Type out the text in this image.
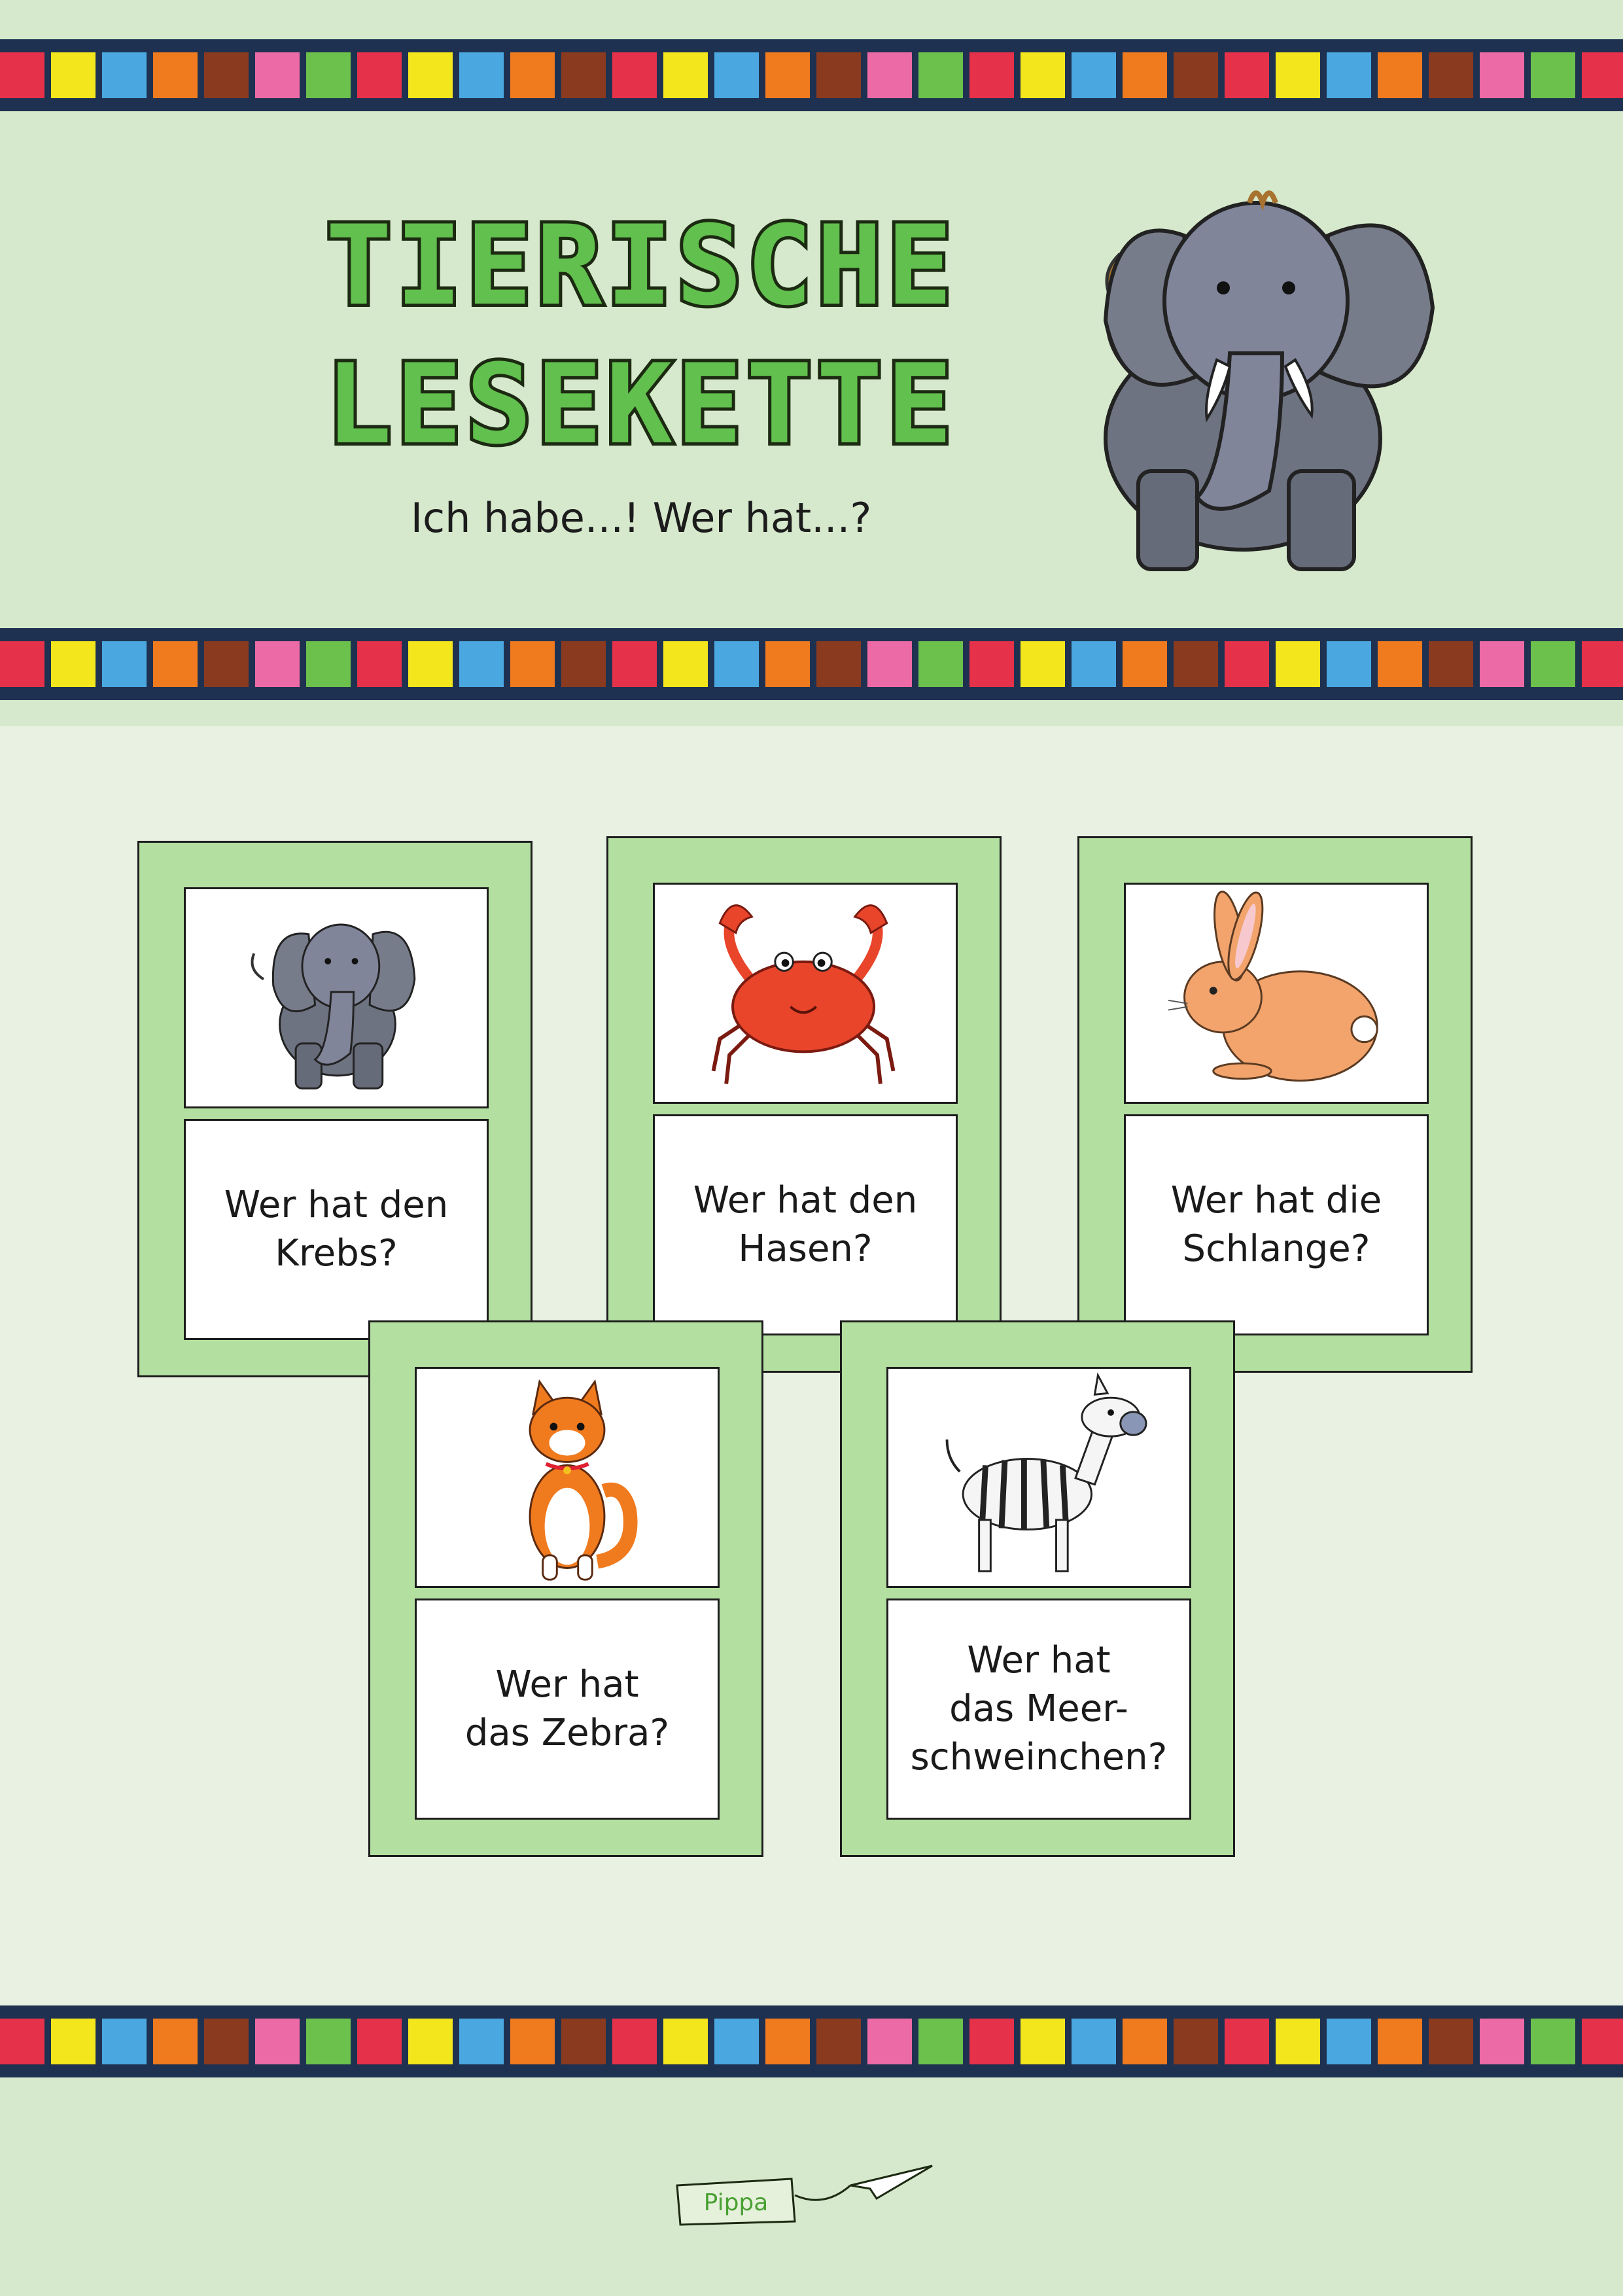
TIERISCHE
LESEKETTE
Ich habe...! Wer hat...?
Wer hat den
Krebs?
Wer hat den
Hasen?
Wer hat die
Schlange?
Wer hat
das Zebra?
Wer hat
das Meer-
schweinchen?
Pippa
